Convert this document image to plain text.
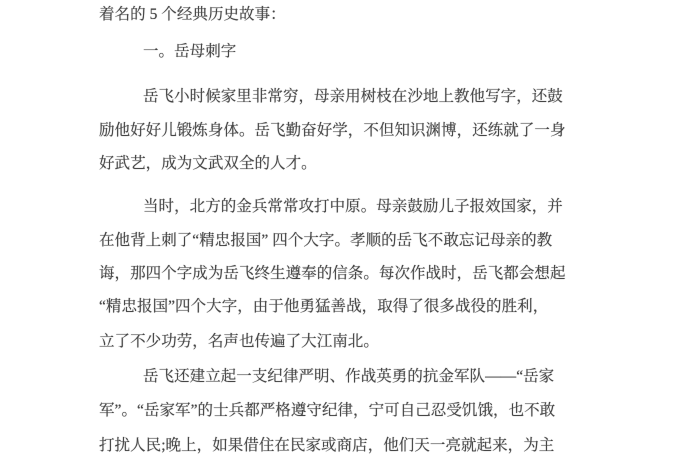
着名的 5 个经典历史故事：
一。岳母刺字
岳飞小时候家里非常穷，母亲用树枝在沙地上教他写字，还鼓
励他好好儿锻炼身体。岳飞勤奋好学，不但知识渊博，还练就了一身
好武艺，成为文武双全的人才。
当时，北方的金兵常常攻打中原。母亲鼓励儿子报效国家，并
在他背上刺了“精忠报国” 四个大字。孝顺的岳飞不敢忘记母亲的教
诲，那四个字成为岳飞终生遵奉的信条。每次作战时，岳飞都会想起
“精忠报国”四个大字，由于他勇猛善战，取得了很多战役的胜利，
立了不少功劳，名声也传遍了大江南北。
岳飞还建立起一支纪律严明、作战英勇的抗金军队——“岳家
军”。“岳家军”的士兵都严格遵守纪律，宁可自己忍受饥饿，也不敢
打扰人民;晚上，如果借住在民家或商店，他们天一亮就起来，为主
